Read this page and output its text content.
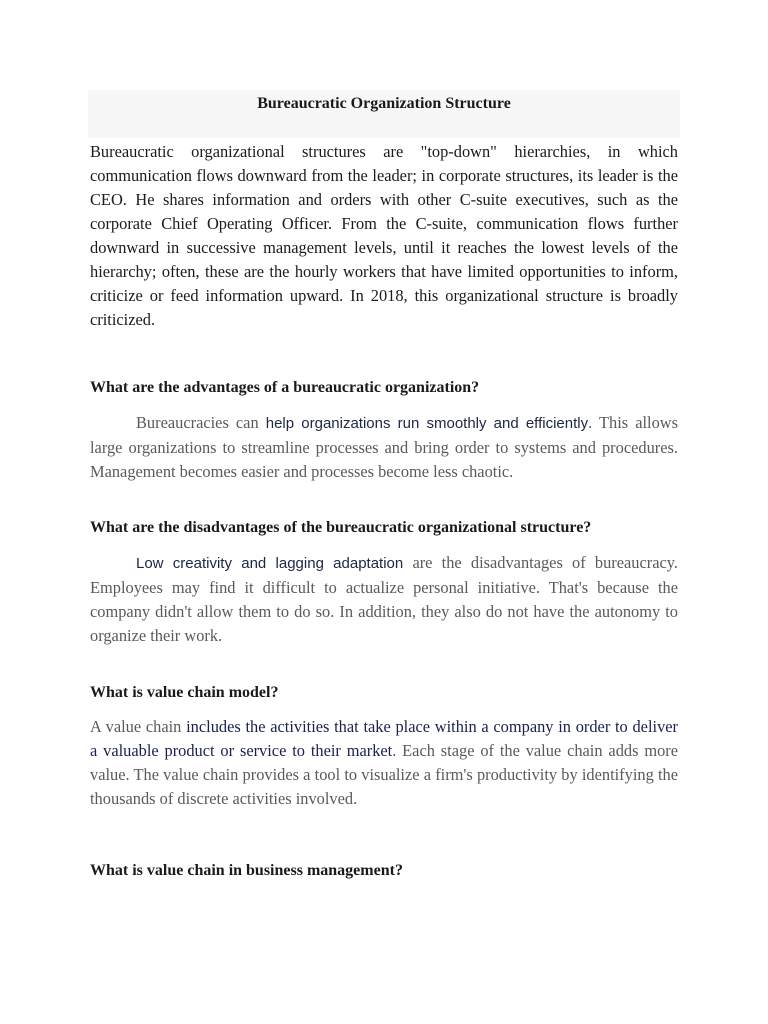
Bureaucratic Organization Structure

Bureaucratic organizational structures are "top-down" hierarchies, in which communication flows downward from the leader; in corporate structures, its leader is the CEO. He shares information and orders with other C-suite executives, such as the corporate Chief Operating Officer. From the C-suite, communication flows further downward in successive management levels, until it reaches the lowest levels of the hierarchy; often, these are the hourly workers that have limited opportunities to inform, criticize or feed information upward. In 2018, this organizational structure is broadly criticized.

What are the advantages of a bureaucratic organization?

Bureaucracies can help organizations run smoothly and efficiently. This allows large organizations to streamline processes and bring order to systems and procedures. Management becomes easier and processes become less chaotic.

What are the disadvantages of the bureaucratic organizational structure?

Low creativity and lagging adaptation are the disadvantages of bureaucracy. Employees may find it difficult to actualize personal initiative. That's because the company didn't allow them to do so. In addition, they also do not have the autonomy to organize their work.

What is value chain model?

A value chain includes the activities that take place within a company in order to deliver a valuable product or service to their market. Each stage of the value chain adds more value. The value chain provides a tool to visualize a firm's productivity by identifying the thousands of discrete activities involved.

What is value chain in business management?
